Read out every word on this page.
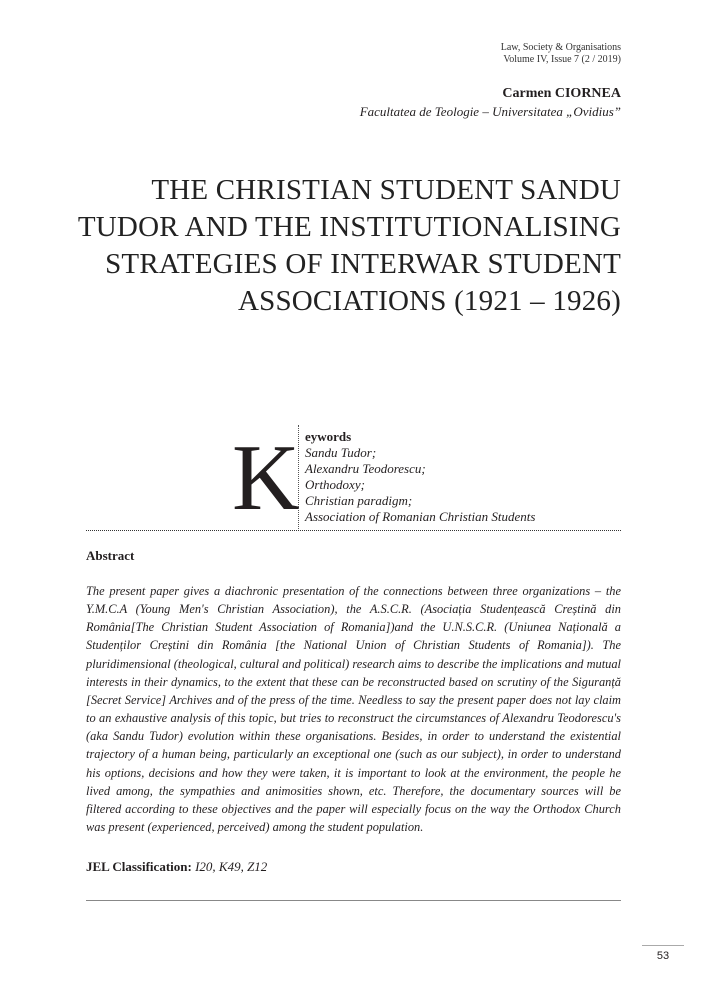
Law, Society & Organisations
Volume IV, Issue 7 (2 / 2019)
Carmen CIORNEA
Facultatea de Teologie – Universitatea „Ovidius”
THE CHRISTIAN STUDENT SANDU
TUDOR AND THE INSTITUTIONALISING
STRATEGIES OF INTERWAR STUDENT
ASSOCIATIONS (1921 – 1926)
K eywords
Sandu Tudor;
Alexandru Teodorescu;
Orthodoxy;
Christian paradigm;
Association of Romanian Christian Students
Abstract

The present paper gives a diachronic presentation of the connections between three organizations – the Y.M.C.A (Young Men's Christian Association), the A.S.C.R. (Asociația Studențească Creștină din România[The Christian Student Association of Romania])and the U.N.S.C.R. (Uniunea Națională a Studenților Creștini din România [the National Union of Christian Students of Romania]). The pluridimensional (theological, cultural and political) research aims to describe the implications and mutual interests in their dynamics, to the extent that these can be reconstructed based on scrutiny of the Siguranță [Secret Service] Archives and of the press of the time. Needless to say the present paper does not lay claim to an exhaustive analysis of this topic, but tries to reconstruct the circumstances of Alexandru Teodorescu's (aka Sandu Tudor) evolution within these organisations. Besides, in order to understand the existential trajectory of a human being, particularly an exceptional one (such as our subject), in order to understand his options, decisions and how they were taken, it is important to look at the environment, the people he lived among, the sympathies and animosities shown, etc. Therefore, the documentary sources will be filtered according to these objectives and the paper will especially focus on the way the Orthodox Church was present (experienced, perceived) among the student population.

JEL Classification: I20, K49, Z12
53
